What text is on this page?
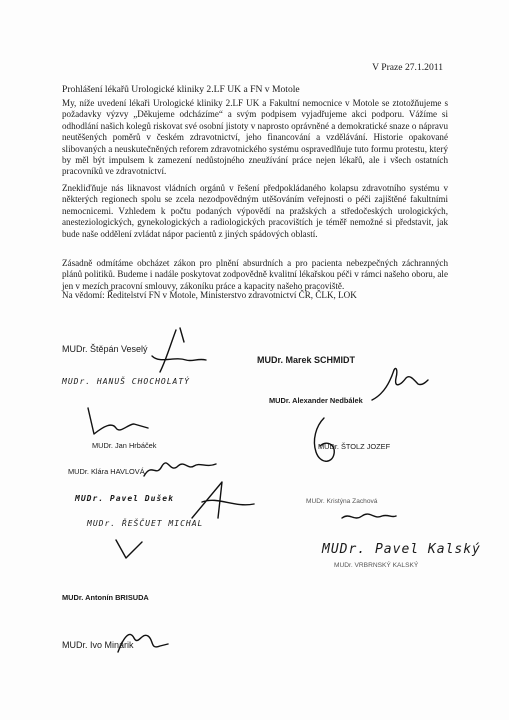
V Praze 27.1.2011
Prohlášení lékařů Urologické kliniky 2.LF UK a FN v Motole

My, níže uvedení lékaři Urologické kliniky 2.LF UK a Fakultní nemocnice v Motole se ztotožňujeme s požadavky výzvy „Děkujeme odcházíme“ a svým podpisem vyjadřujeme akci podporu. Vážíme si odhodlání našich kolegů riskovat své osobní jistoty v naprosto oprávněné a demokratické snaze o nápravu neutěšených poměrů v českém zdravotnictví, jeho financování a vzdělávání. Historie opakované slibovaných a neuskutečněných reforem zdravotnického systému ospravedlňuje tuto formu protestu, který by měl být impulsem k zamezení nedůstojného zneužívání práce nejen lékařů, ale i všech ostatních pracovníků ve zdravotnictví.

Znekliďňuje nás liknavost vládních orgánů v řešení předpokládaného kolapsu zdravotního systému v některých regionech spolu se zcela nezodpovědným utěšováním veřejnosti o péči zajištěné fakultními nemocnicemi. Vzhledem k počtu podaných výpovědí na pražských a středočeských urologických, anesteziologických, gynekologických a radiologických pracovištích je téměř nemožné si představit, jak bude naše oddělení zvládat nápor pacientů z jiných spádových oblastí.

Zásadně odmítáme obcházet zákon pro plnění absurdních a pro pacienta nebezpečných záchranných plánů politiků. Budeme i nadále poskytovat zodpovědně kvalitní lékařskou péči v rámci našeho oboru, ale jen v mezích pracovní smlouvy, zákoníku práce a kapacity našeho pracoviště.

Na vědomí: Ředitelství FN v Motole, Ministerstvo zdravotnictví ČR, ČLK, LOK
MUDr. Štěpán Veselý
MUDr. Marek SCHMIDT
MUDr. HANUŠ CHOCHOLATÝ
MUDr. Alexander Nedbálek
MUDr. Jan Hrbáček	MUDr. ŠTOLZ JOZEF
MUDr. Klára HAVLOVÁ
MUDr. Pavel Dušek	MUDr. Kristýna Zachová
MUDr. ŘEŠČUET MICHAL
MUDr. Pavel Kalský
MUDr. VRBRNSKÝ KALSKÝ
MUDr. Antonín BRISUDA
MUDr. Ivo Minárik
